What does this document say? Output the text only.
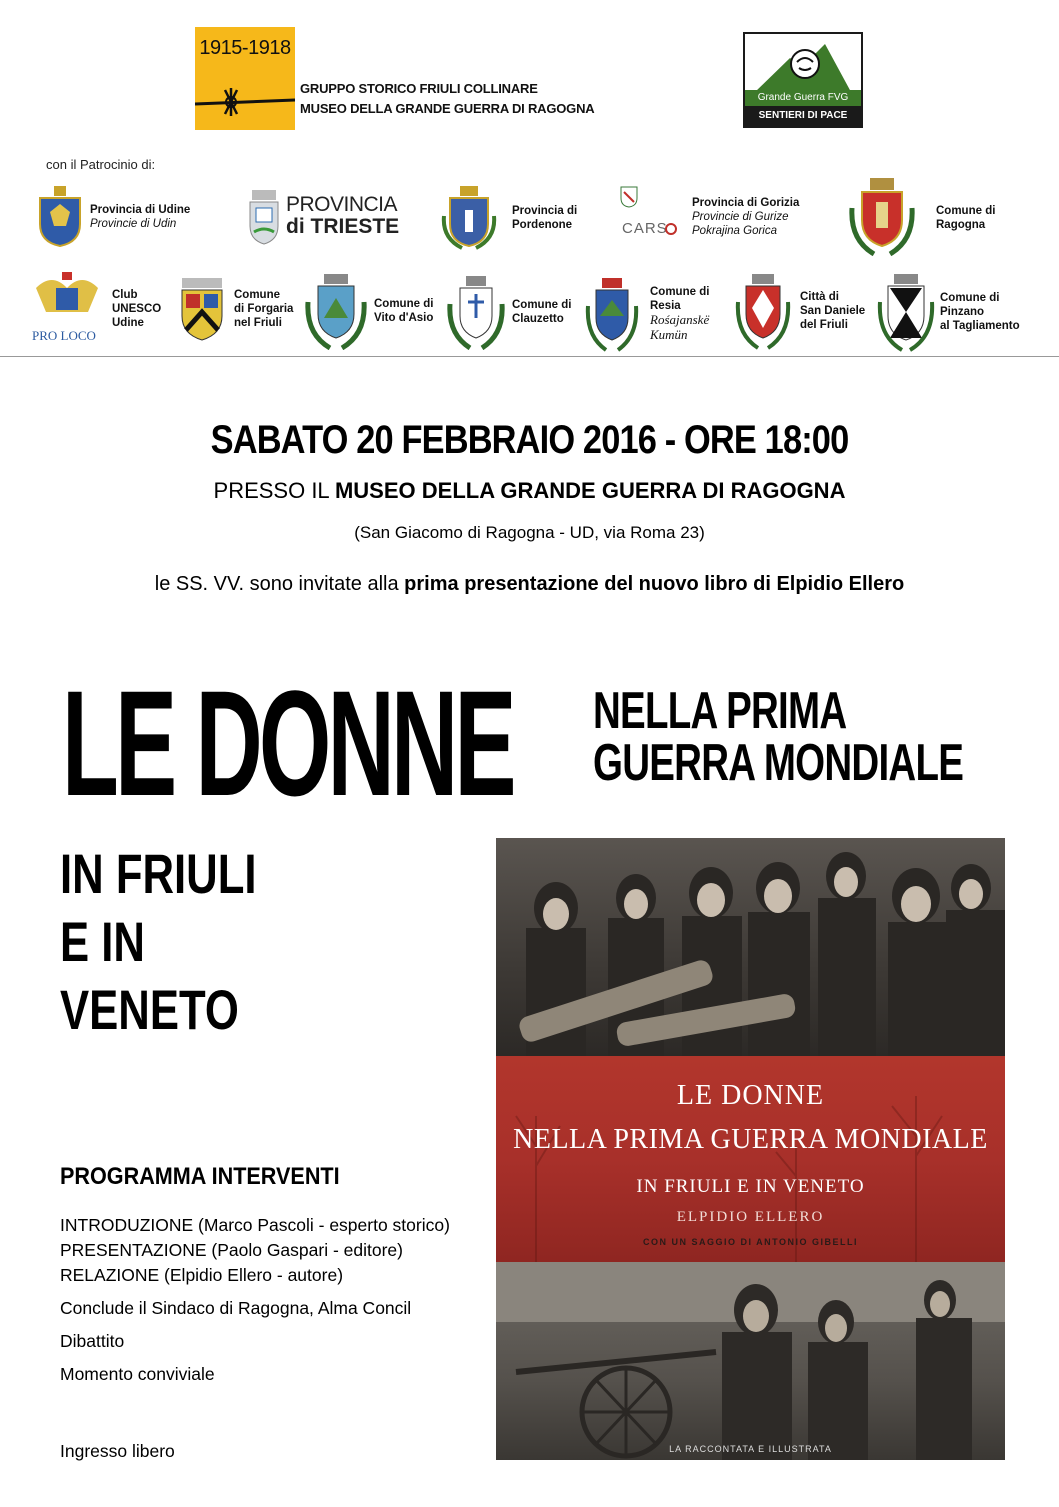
1915-1918
GRUPPO STORICO FRIULI COLLINARE
MUSEO DELLA GRANDE GUERRA DI RAGOGNA
Grande Guerra FVG
SENTIERI DI PACE
con il Patrocinio di:
Provincia di Udine
Provincie di Udin
PROVINCIA
di TRIESTE
Provincia di
Pordenone	CARS
Provincia di Gorizia
Provincie di Gurize
Pokrajina Gorica
Comune di
Ragogna
PRO LOCO
Club
UNESCO
Udine
Comune
di Forgaria
nel Friuli
Comune di
Vito d'Asio
Comune di
Clauzetto
Comune di
Resia
Rośajanskë
Kumün
Città di
San Daniele
del Friuli
Comune di
Pinzano
al Tagliamento
SABATO 20 FEBBRAIO 2016 - ORE 18:00
PRESSO IL MUSEO DELLA GRANDE GUERRA DI RAGOGNA
(San Giacomo di Ragogna - UD, via Roma 23)
le SS. VV. sono invitate alla prima presentazione del nuovo libro di Elpidio Ellero
LE DONNE NELLA PRIMA
GUERRA MONDIALE
IN FRIULI
E IN
VENETO
PROGRAMMA INTERVENTI
INTRODUZIONE (Marco Pascoli - esperto storico)
PRESENTAZIONE (Paolo Gaspari - editore)
RELAZIONE (Elpidio Ellero - autore)
Conclude il Sindaco di Ragogna, Alma Concil
Dibattito
Momento conviviale
Ingresso libero
LE DONNE
NELLA PRIMA GUERRA MONDIALE
IN FRIULI E IN VENETO
ELPIDIO ELLERO
CON UN SAGGIO DI ANTONIO GIBELLI
LA RACCONTATA E ILLUSTRATA
